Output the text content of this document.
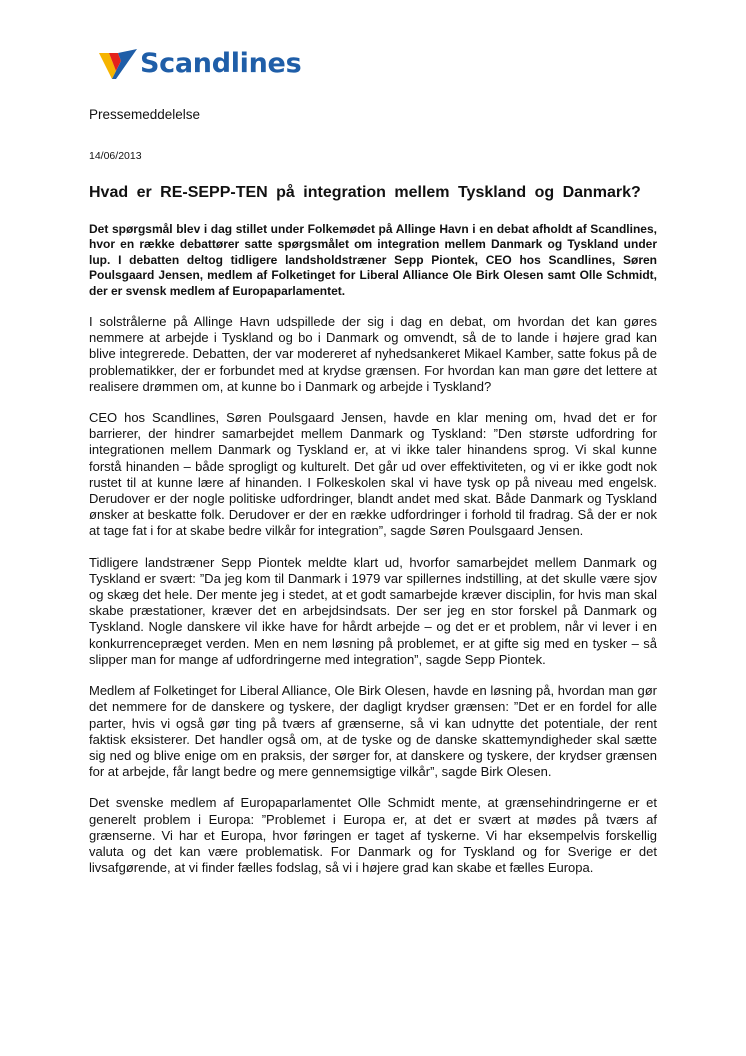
Scandlines

Pressemeddelelse

14/06/2013

Hvad er RE-SEPP-TEN på integration mellem Tyskland og Danmark?

Det spørgsmål blev i dag stillet under Folkemødet på Allinge Havn i en debat afholdt af Scandlines, hvor en række debattører satte spørgsmålet om integration mellem Danmark og Tyskland under lup. I debatten deltog tidligere landsholdstræner Sepp Piontek, CEO hos Scandlines, Søren Poulsgaard Jensen, medlem af Folketinget for Liberal Alliance Ole Birk Olesen samt Olle Schmidt, der er svensk medlem af Europaparlamentet.

I solstrålerne på Allinge Havn udspillede der sig i dag en debat, om hvordan det kan gøres nemmere at arbejde i Tyskland og bo i Danmark og omvendt, så de to lande i højere grad kan blive integrerede. Debatten, der var modereret af nyhedsankeret Mikael Kamber, satte fokus på de problematikker, der er forbundet med at krydse grænsen. For hvordan kan man gøre det lettere at realisere drømmen om, at kunne bo i Danmark og arbejde i Tyskland?

CEO hos Scandlines, Søren Poulsgaard Jensen, havde en klar mening om, hvad det er for barrierer, der hindrer samarbejdet mellem Danmark og Tyskland: ”Den største udfordring for integrationen mellem Danmark og Tyskland er, at vi ikke taler hinandens sprog. Vi skal kunne forstå hinanden – både sprogligt og kulturelt. Det går ud over effektiviteten, og vi er ikke godt nok rustet til at kunne lære af hinanden. I Folkeskolen skal vi have tysk op på niveau med engelsk. Derudover er der nogle politiske udfordringer, blandt andet med skat. Både Danmark og Tyskland ønsker at beskatte folk. Derudover er der en række udfordringer i forhold til fradrag. Så der er nok at tage fat i for at skabe bedre vilkår for integration”, sagde Søren Poulsgaard Jensen.

Tidligere landstræner Sepp Piontek meldte klart ud, hvorfor samarbejdet mellem Danmark og Tyskland er svært: ”Da jeg kom til Danmark i 1979 var spillernes indstilling, at det skulle være sjov og skæg det hele. Der mente jeg i stedet, at et godt samarbejde kræver disciplin, for hvis man skal skabe præstationer, kræver det en arbejdsindsats. Der ser jeg en stor forskel på Danmark og Tyskland. Nogle danskere vil ikke have for hårdt arbejde – og det er et problem, når vi lever i en konkurrencepræget verden. Men en nem løsning på problemet, er at gifte sig med en tysker – så slipper man for mange af udfordringerne med integration”, sagde Sepp Piontek.

Medlem af Folketinget for Liberal Alliance, Ole Birk Olesen, havde en løsning på, hvordan man gør det nemmere for de danskere og tyskere, der dagligt krydser grænsen: ”Det er en fordel for alle parter, hvis vi også gør ting på tværs af grænserne, så vi kan udnytte det potentiale, der rent faktisk eksisterer. Det handler også om, at de tyske og de danske skattemyndigheder skal sætte sig ned og blive enige om en praksis, der sørger for, at danskere og tyskere, der krydser grænsen for at arbejde, får langt bedre og mere gennemsigtige vilkår”, sagde Birk Olesen.

Det svenske medlem af Europaparlamentet Olle Schmidt mente, at grænsehindringerne er et generelt problem i Europa: ”Problemet i Europa er, at det er svært at mødes på tværs af grænserne. Vi har et Europa, hvor føringen er taget af tyskerne. Vi har eksempelvis forskellig valuta og det kan være problematisk. For Danmark og for Tyskland og for Sverige er det livsafgørende, at vi finder fælles fodslag, så vi i højere grad kan skabe et fælles Europa.
